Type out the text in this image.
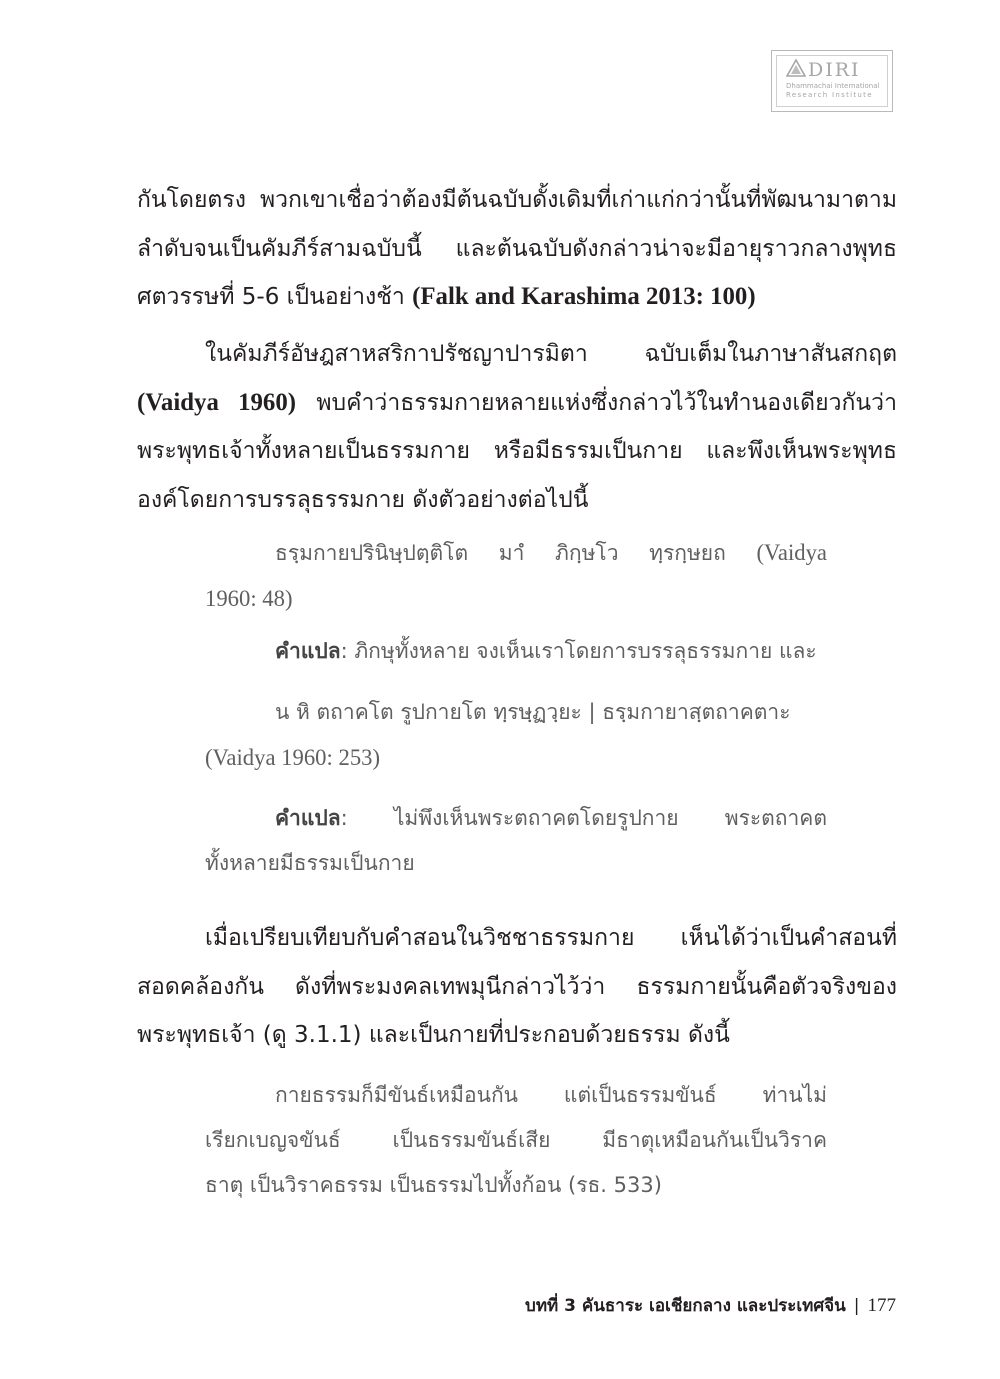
DIRI
Dhammachai International
Research Institute
กันโดยตรง พวกเขาเชื่อว่าต้องมีต้นฉบับดั้งเดิมที่เก่าแก่กว่านั้นที่พัฒนามาตาม
ลำดับจนเป็นคัมภีร์สามฉบับนี้ และต้นฉบับดังกล่าวน่าจะมีอายุราวกลางพุทธ
ศตวรรษที่ 5-6 เป็นอย่างช้า (Falk and Karashima 2013: 100)
ในคัมภีร์อัษฎสาหสริกาปรัชญาปารมิตา ฉบับเต็มในภาษาสันสกฤต
(Vaidya 1960) พบคำว่าธรรมกายหลายแห่งซึ่งกล่าวไว้ในทำนองเดียวกันว่า
พระพุทธเจ้าทั้งหลายเป็นธรรมกาย หรือมีธรรมเป็นกาย และพึงเห็นพระพุทธ
องค์โดยการบรรลุธรรมกาย ดังตัวอย่างต่อไปนี้
ธรฺมกายปรินิษฺปตฺติโต มาํ ภิกฺษโว ทฺรกฺษยถ (Vaidya
1960: 48)
คำแปล: ภิกษุทั้งหลาย จงเห็นเราโดยการบรรลุธรรมกาย และ
น หิ ตถาคโต รูปกายโต ทฺรษฺฏวฺยะ | ธรฺมกายาสฺตถาคตาะ
(Vaidya 1960: 253)
คำแปล: ไม่พึงเห็นพระตถาคตโดยรูปกาย พระตถาคต
ทั้งหลายมีธรรมเป็นกาย
เมื่อเปรียบเทียบกับคำสอนในวิชชาธรรมกาย เห็นได้ว่าเป็นคำสอนที่
สอดคล้องกัน ดังที่พระมงคลเทพมุนีกล่าวไว้ว่า ธรรมกายนั้นคือตัวจริงของ
พระพุทธเจ้า (ดู 3.1.1) และเป็นกายที่ประกอบด้วยธรรม ดังนี้
กายธรรมก็มีขันธ์เหมือนกัน แต่เป็นธรรมขันธ์ ท่านไม่
เรียกเบญจขันธ์ เป็นธรรมขันธ์เสีย มีธาตุเหมือนกันเป็นวิราค
ธาตุ เป็นวิราคธรรม เป็นธรรมไปทั้งก้อน (รธ. 533)
บทที่ 3 คันธาระ เอเชียกลาง และประเทศจีน | 177
